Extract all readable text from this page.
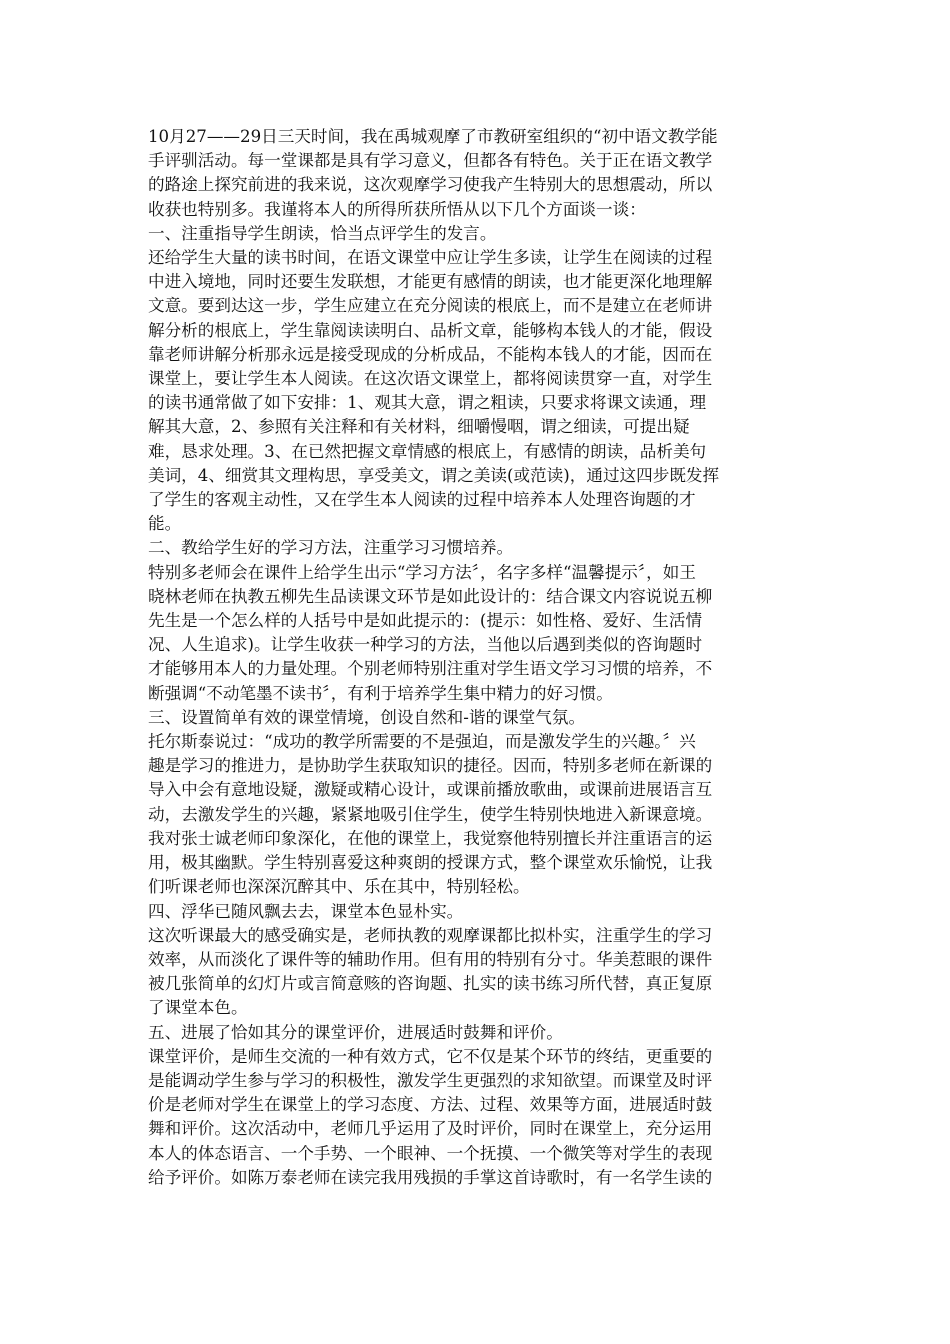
10月27——29日三天时间，我在禹城观摩了市教研室组织的“初中语文教学能
手评驯活动。每一堂课都是具有学习意义，但都各有特色。关于正在语文教学
的路途上探究前进的我来说，这次观摩学习使我产生特别大的思想震动，所以
收获也特别多。我谨将本人的所得所获所悟从以下几个方面谈一谈：
一、注重指导学生朗读，恰当点评学生的发言。
还给学生大量的读书时间，在语文课堂中应让学生多读，让学生在阅读的过程
中进入境地，同时还要生发联想，才能更有感情的朗读，也才能更深化地理解
文意。要到达这一步，学生应建立在充分阅读的根底上，而不是建立在老师讲
解分析的根底上，学生靠阅读读明白、品析文章，能够构本钱人的才能，假设
靠老师讲解分析那永远是接受现成的分析成品，不能构本钱人的才能，因而在
课堂上，要让学生本人阅读。在这次语文课堂上，都将阅读贯穿一直，对学生
的读书通常做了如下安排：1、观其大意，谓之粗读，只要求将课文读通，理
解其大意，2、参照有关注释和有关材料，细嚼慢咽，谓之细读，可提出疑
难，恳求处理。3、在已然把握文章情感的根底上，有感情的朗读，品析美句
美词，4、细赏其文理构思，享受美文，谓之美读(或范读)，通过这四步既发挥
了学生的客观主动性，又在学生本人阅读的过程中培养本人处理咨询题的才
能。
二、教给学生好的学习方法，注重学习习惯培养。
特别多老师会在课件上给学生出示“学习方法〞，名字多样“温馨提示〞，如王
晓林老师在执教五柳先生品读课文环节是如此设计的：结合课文内容说说五柳
先生是一个怎么样的人括号中是如此提示的：(提示：如性格、爱好、生活情
况、人生追求)。让学生收获一种学习的方法，当他以后遇到类似的咨询题时
才能够用本人的力量处理。个别老师特别注重对学生语文学习习惯的培养，不
断强调“不动笔墨不读书〞，有利于培养学生集中精力的好习惯。
三、设置简单有效的课堂情境，创设自然和-谐的课堂气氛。
托尔斯泰说过：“成功的教学所需要的不是强迫，而是激发学生的兴趣。〞兴
趣是学习的推进力，是协助学生获取知识的捷径。因而，特别多老师在新课的
导入中会有意地设疑，激疑或精心设计，或课前播放歌曲，或课前进展语言互
动，去激发学生的兴趣，紧紧地吸引住学生，使学生特别快地进入新课意境。
我对张士诚老师印象深化，在他的课堂上，我觉察他特别擅长并注重语言的运
用，极其幽默。学生特别喜爱这种爽朗的授课方式，整个课堂欢乐愉悦，让我
们听课老师也深深沉醉其中、乐在其中，特别轻松。
四、浮华已随风飘去去，课堂本色显朴实。
这次听课最大的感受确实是，老师执教的观摩课都比拟朴实，注重学生的学习
效率，从而淡化了课件等的辅助作用。但有用的特别有分寸。华美惹眼的课件
被几张简单的幻灯片或言简意赅的咨询题、扎实的读书练习所代替，真正复原
了课堂本色。
五、进展了恰如其分的课堂评价，进展适时鼓舞和评价。
课堂评价，是师生交流的一种有效方式，它不仅是某个环节的终结，更重要的
是能调动学生参与学习的积极性，激发学生更强烈的求知欲望。而课堂及时评
价是老师对学生在课堂上的学习态度、方法、过程、效果等方面，进展适时鼓
舞和评价。这次活动中，老师几乎运用了及时评价，同时在课堂上，充分运用
本人的体态语言、一个手势、一个眼神、一个抚摸、一个微笑等对学生的表现
给予评价。如陈万泰老师在读完我用残损的手掌这首诗歌时，有一名学生读的
